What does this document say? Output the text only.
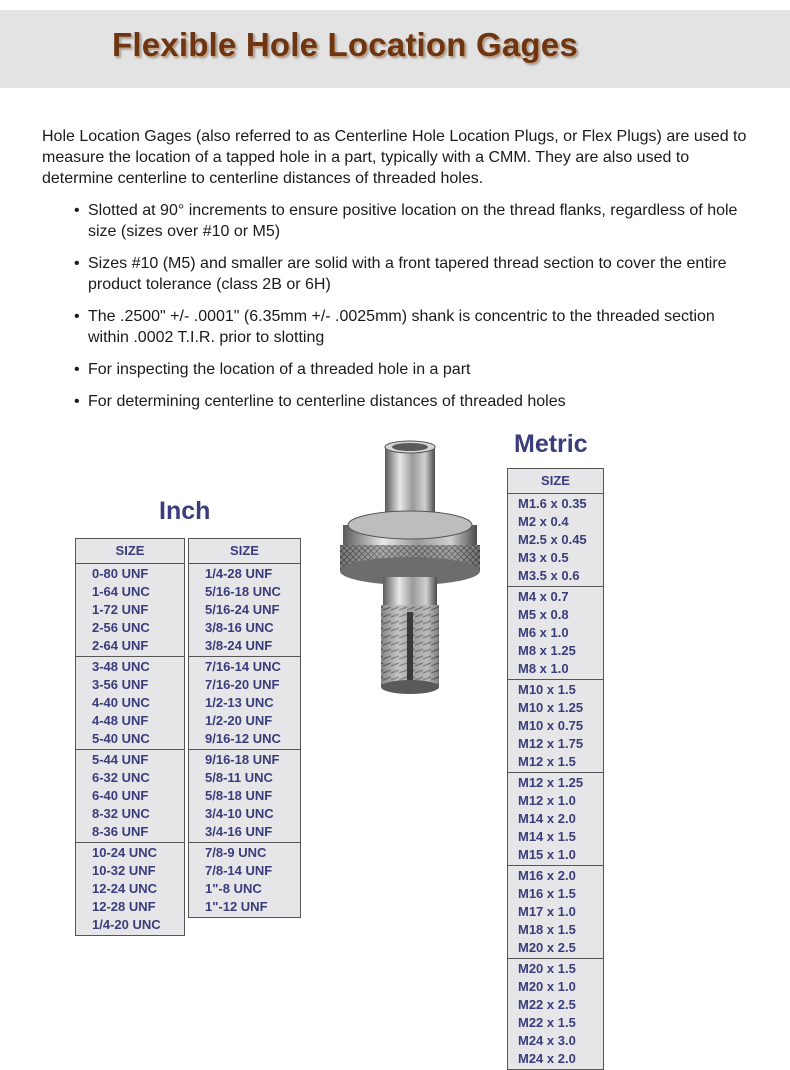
Flexible Hole Location Gages

Hole Location Gages (also referred to as Centerline Hole Location Plugs, or Flex Plugs) are used to measure the location of a tapped hole in a part, typically with a CMM. They are also used to determine centerline to centerline distances of threaded holes.

• Slotted at 90° increments to ensure positive location on the thread flanks, regardless of hole size (sizes over #10 or M5)
• Sizes #10 (M5) and smaller are solid with a front tapered thread section to cover the entire product tolerance (class 2B or 6H)
• The .2500" +/- .0001" (6.35mm +/- .0025mm) shank is concentric to the threaded section within .0002 T.I.R. prior to slotting
• For inspecting the location of a threaded hole in a part
• For determining centerline to centerline distances of threaded holes
Inch
Metric
SIZE
0-80 UNF
1-64 UNC
1-72 UNF
2-56 UNC
2-64 UNF
3-48 UNC
3-56 UNF
4-40 UNC
4-48 UNF
5-40 UNC
5-44 UNF
6-32 UNC
6-40 UNF
8-32 UNC
8-36 UNF
10-24 UNC
10-32 UNF
12-24 UNC
12-28 UNF
1/4-20 UNC
SIZE
1/4-28 UNF
5/16-18 UNC
5/16-24 UNF
3/8-16 UNC
3/8-24 UNF
7/16-14 UNC
7/16-20 UNF
1/2-13 UNC
1/2-20 UNF
9/16-12 UNC
9/16-18 UNF
5/8-11 UNC
5/8-18 UNF
3/4-10 UNC
3/4-16 UNF
7/8-9 UNC
7/8-14 UNF
1"-8 UNC
1"-12 UNF
SIZE
M1.6 x 0.35
M2 x 0.4
M2.5 x 0.45
M3 x 0.5
M3.5 x 0.6
M4 x 0.7
M5 x 0.8
M6 x 1.0
M8 x 1.25
M8 x 1.0
M10 x 1.5
M10 x 1.25
M10 x 0.75
M12 x 1.75
M12 x 1.5
M12 x 1.25
M12 x 1.0
M14 x 2.0
M14 x 1.5
M15 x 1.0
M16 x 2.0
M16 x 1.5
M17 x 1.0
M18 x 1.5
M20 x 2.5
M20 x 1.5
M20 x 1.0
M22 x 2.5
M22 x 1.5
M24 x 3.0
M24 x 2.0
